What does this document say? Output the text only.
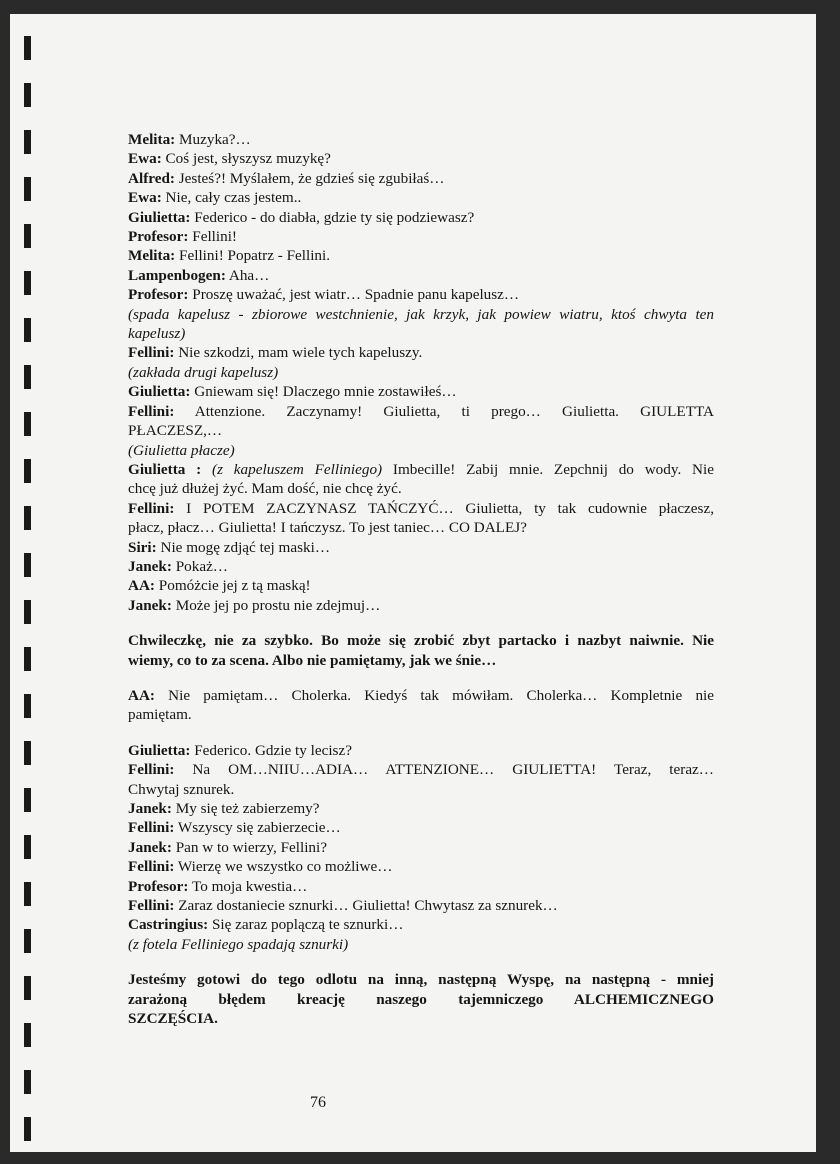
Melita: Muzyka?…
Ewa: Coś jest, słyszysz muzykę?
Alfred: Jesteś?! Myślałem, że gdzieś się zgubiłaś…
Ewa: Nie, cały czas jestem..
Giulietta: Federico - do diabła, gdzie ty się podziewasz?
Profesor: Fellini!
Melita: Fellini! Popatrz - Fellini.
Lampenbogen: Aha…
Profesor: Proszę uważać, jest wiatr… Spadnie panu kapelusz…
(spada kapelusz - zbiorowe westchnienie, jak krzyk, jak powiew wiatru, ktoś chwyta ten
kapelusz)
Fellini: Nie szkodzi, mam wiele tych kapeluszy.
(zakłada drugi kapelusz)
Giulietta: Gniewam się! Dlaczego mnie zostawiłeś…
Fellini: Attenzione. Zaczynamy! Giulietta, ti prego… Giulietta. GIULETTA
PŁACZESZ,…
(Giulietta płacze)
Giulietta : (z kapeluszem Felliniego) Imbecille! Zabij mnie. Zepchnij do wody. Nie
chcę już dłużej żyć. Mam dość, nie chcę żyć.
Fellini: I POTEM ZACZYNASZ TAŃCZYĆ… Giulietta, ty tak cudownie płaczesz,
płacz, płacz… Giulietta! I tańczysz. To jest taniec… CO DALEJ?
Siri: Nie mogę zdjąć tej maski…
Janek: Pokaż…
AA: Pomóżcie jej z tą maską!
Janek: Może jej po prostu nie zdejmuj…
Chwileczkę, nie za szybko. Bo może się zrobić zbyt partacko i nazbyt naiwnie. Nie
wiemy, co to za scena. Albo nie pamiętamy, jak we śnie…
AA: Nie pamiętam… Cholerka. Kiedyś tak mówiłam. Cholerka… Kompletnie nie
pamiętam.
Giulietta: Federico. Gdzie ty lecisz?
Fellini: Na OM…NIIU…ADIA… ATTENZIONE… GIULIETTA! Teraz, teraz…
Chwytaj sznurek.
Janek: My się też zabierzemy?
Fellini: Wszyscy się zabierzecie…
Janek: Pan w to wierzy, Fellini?
Fellini: Wierzę we wszystko co możliwe…
Profesor: To moja kwestia…
Fellini: Zaraz dostaniecie sznurki… Giulietta! Chwytasz za sznurek…
Castringius: Się zaraz poplączą te sznurki…
(z fotela Felliniego spadają sznurki)
Jesteśmy gotowi do tego odlotu na inną, następną Wyspę, na następną - mniej
zarażoną błędem kreację naszego tajemniczego ALCHEMICZNEGO
SZCZĘŚCIA.
76
